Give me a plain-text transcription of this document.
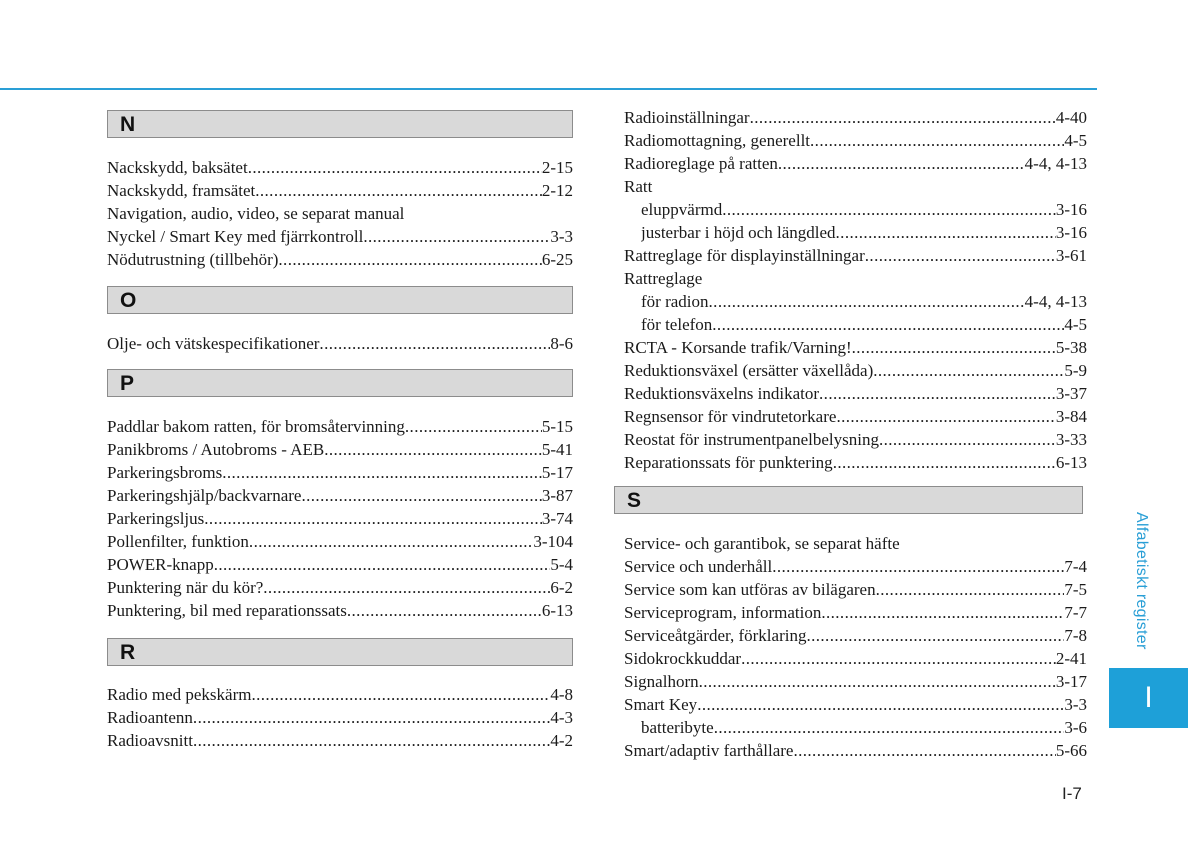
N
Nackskydd, baksätet .....	2-15
Nackskydd, framsätet .....	2-12
Navigation, audio, video, se separat manual
Nyckel / Smart Key med fjärrkontroll .....	3-3
Nödutrustning (tillbehör) .....	6-25
O
Olje- och vätskespecifikationer .....	8-6
P
Paddlar bakom ratten, för bromsåtervinning .....	5-15
Panikbroms / Autobroms - AEB .....	5-41
Parkeringsbroms .....	5-17
Parkeringshjälp/backvarnare .....	3-87
Parkeringsljus .....	3-74
Pollenfilter, funktion .....	3-104
POWER-knapp .....	5-4
Punktering när du kör? .....	6-2
Punktering, bil med reparationssats .....	6-13
R
Radio med pekskärm .....	4-8
Radioantenn .....	4-3
Radioavsnitt .....	4-2
Radioinställningar .....	4-40
Radiomottagning, generellt .....	4-5
Radioreglage på ratten .....	4-4, 4-13
Ratt
eluppvärmd .....	3-16
justerbar i höjd och längdled .....	3-16
Rattreglage för displayinställningar .....	3-61
Rattreglage
för radion .....	4-4, 4-13
för telefon .....	4-5
RCTA - Korsande trafik/Varning! .....	5-38
Reduktionsväxel (ersätter växellåda) .....	5-9
Reduktionsväxelns indikator .....	3-37
Regnsensor för vindrutetorkare .....	3-84
Reostat för instrumentpanelbelysning .....	3-33
Reparationssats för punktering .....	6-13
S
Service- och garantibok, se separat häfte
Service och underhåll .....	7-4
Service som kan utföras av bilägaren .....	7-5
Serviceprogram, information .....	7-7
Serviceåtgärder, förklaring .....	7-8
Sidokrockkuddar .....	2-41
Signalhorn .....	3-17
Smart Key .....	3-3
batteribyte .....	3-6
Smart/adaptiv farthållare .....	5-66
Alfabetiskt register
I
I-7
